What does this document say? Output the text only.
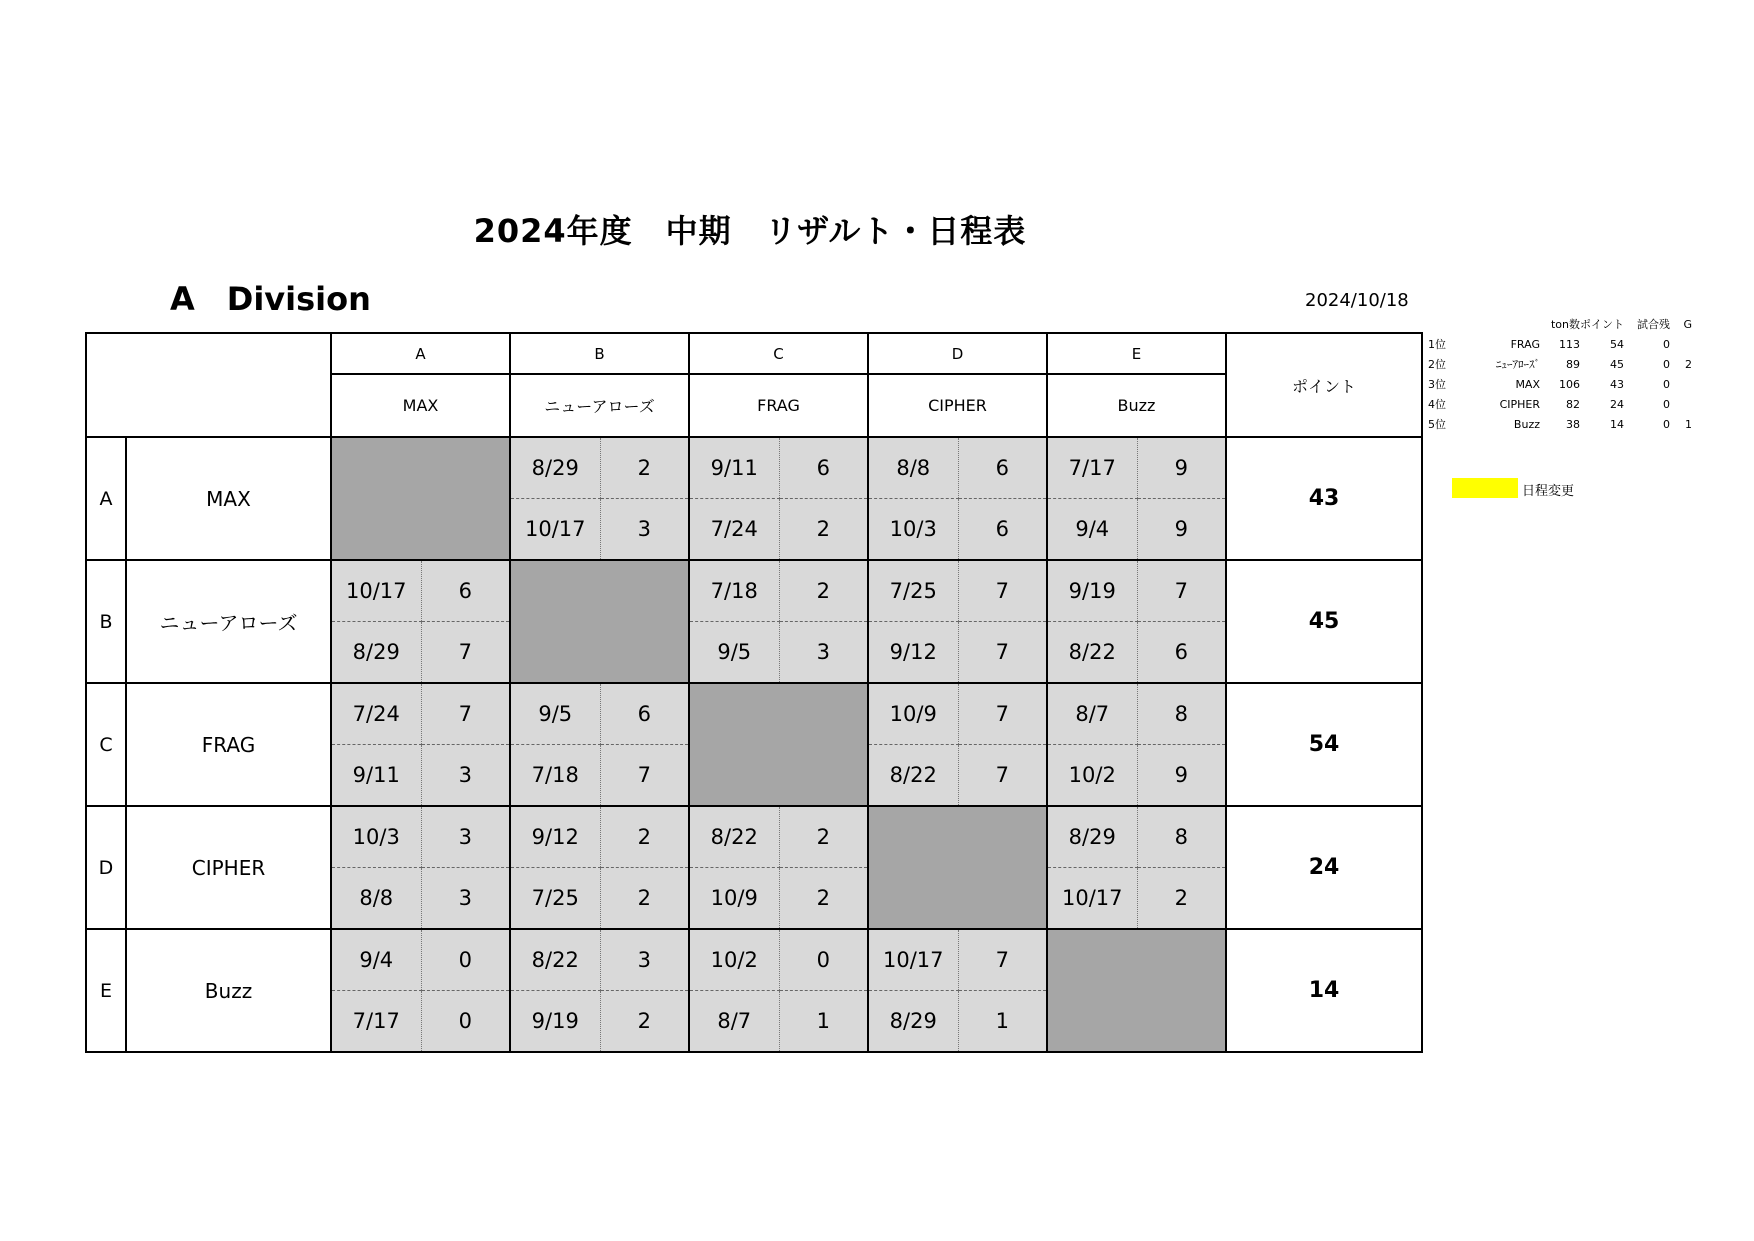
2024年度　中期　リザルト・日程表
A　Division	2024/10/18
		A		B		C		D		E		ポイント
		MAX		ニューアローズ		FRAG		CIPHER		Buzz		
A	MAX			8/29	2	9/11	6	8/8	6	7/17	9	43
				10/17	3	7/24	2	10/3	6	9/4	9	
B	ニューアローズ	10/17	6			7/18	2	7/25	7	9/19	7	45
		8/29	7			9/5	3	9/12	7	8/22	6	
C	FRAG	7/24	7	9/5	6			10/9	7	8/7	8	54
		9/11	3	7/18	7			8/22	7	10/2	9	
D	CIPHER	10/3	3	9/12	2	8/22	2			8/29	8	24
		8/8	3	7/25	2	10/9	2			10/17	2	
E	Buzz	9/4	0	8/22	3	10/2	0	10/17	7			14
		7/17	0	9/19	2	8/7	1	8/29	1			
		ton数	ポイント	試合残	G
1位	FRAG	113	54	0	
2位	ﾆｭｰｱﾛｰｽﾞ	89	45	0	2
3位	MAX	106	43	0	
4位	CIPHER	82	24	0	
5位	Buzz	38	14	0	1
日程変更
